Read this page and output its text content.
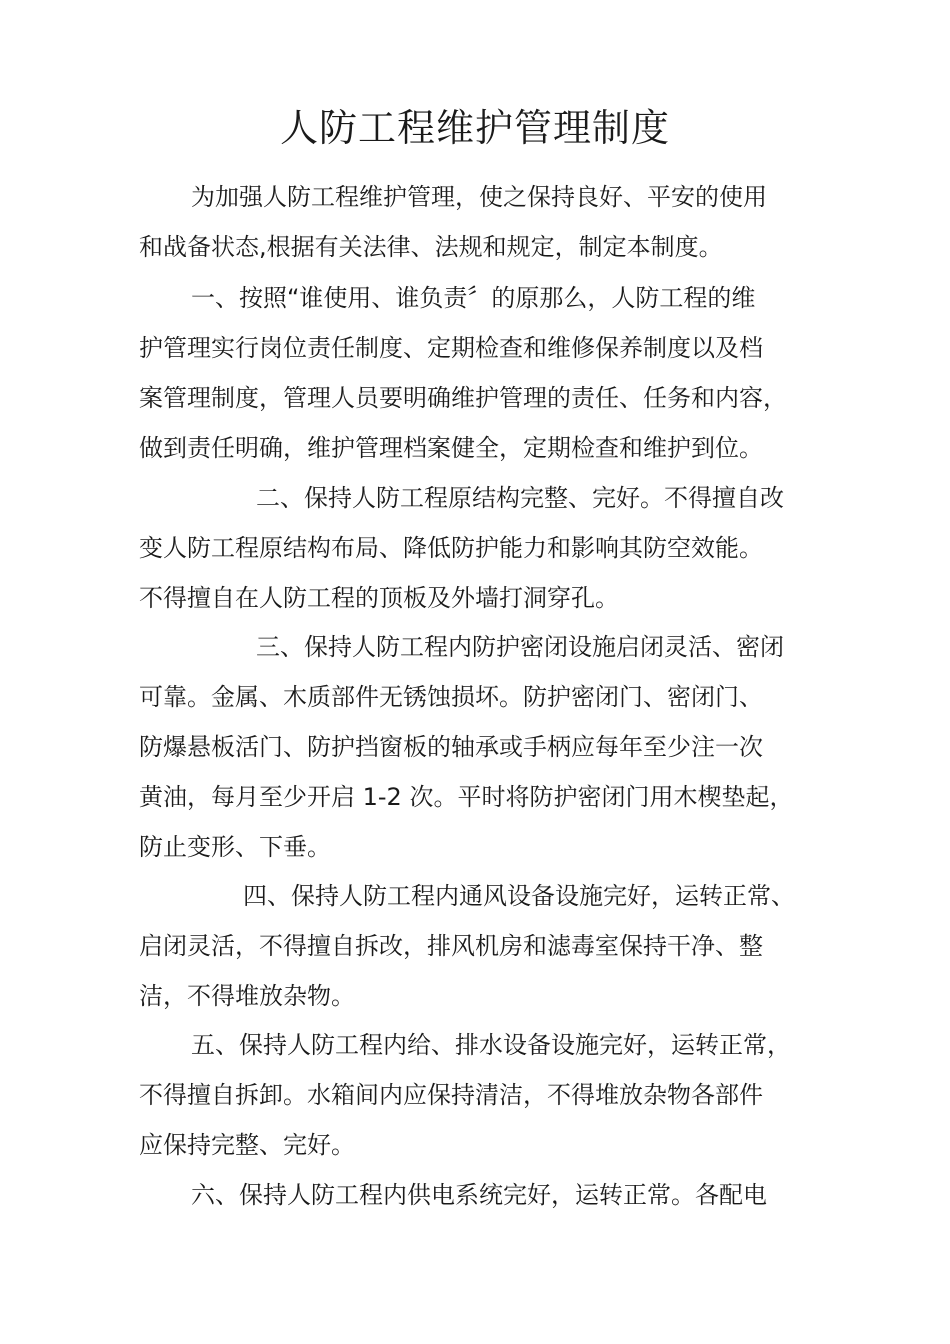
人防工程维护管理制度

为加强人防工程维护管理，使之保持良好、平安的使用

和战备状态,根据有关法律、法规和规定，制定本制度。

一、按照“谁使用、谁负责〞的原那么，人防工程的维

护管理实行岗位责任制度、定期检查和维修保养制度以及档

案管理制度，管理人员要明确维护管理的责任、任务和内容，

做到责任明确，维护管理档案健全，定期检查和维护到位。

二、保持人防工程原结构完整、完好。不得擅自改

变人防工程原结构布局、降低防护能力和影响其防空效能。

不得擅自在人防工程的顶板及外墙打洞穿孔。

三、保持人防工程内防护密闭设施启闭灵活、密闭

可靠。金属、木质部件无锈蚀损坏。防护密闭门、密闭门、

防爆悬板活门、防护挡窗板的轴承或手柄应每年至少注一次

黄油，每月至少开启 1-2 次。平时将防护密闭门用木楔垫起，

防止变形、下垂。

四、保持人防工程内通风设备设施完好，运转正常、

启闭灵活，不得擅自拆改，排风机房和滤毒室保持干净、整

洁，不得堆放杂物。

五、保持人防工程内给、排水设备设施完好，运转正常，

不得擅自拆卸。水箱间内应保持清洁，不得堆放杂物各部件

应保持完整、完好。

六、保持人防工程内供电系统完好，运转正常。各配电
